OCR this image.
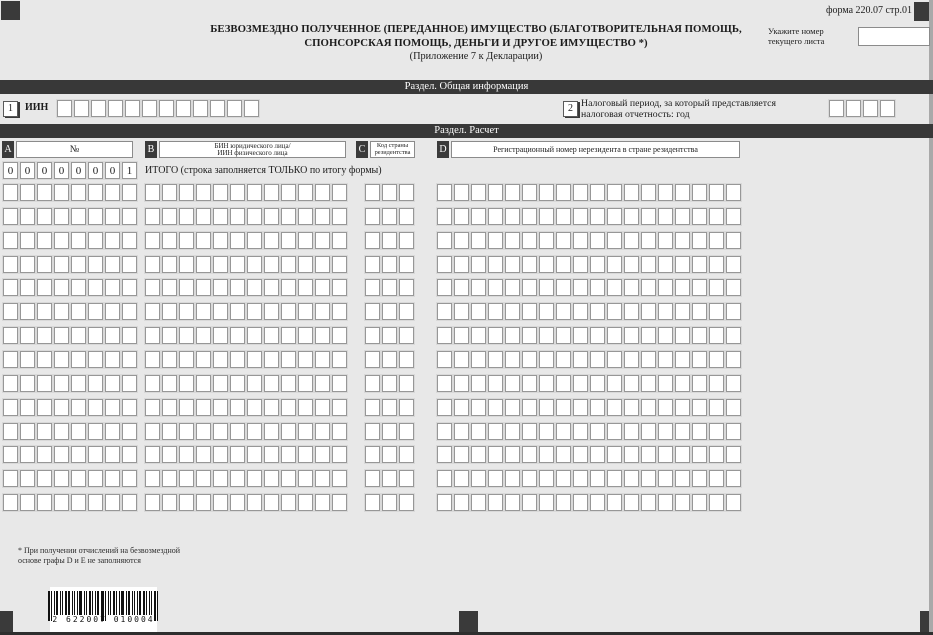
форма 220.07 стр.01
БЕЗВОЗМЕЗДНО ПОЛУЧЕННОЕ (ПЕРЕДАННОЕ) ИМУЩЕСТВО (БЛАГОТВОРИТЕЛЬНАЯ ПОМОЩЬ,
СПОНСОРСКАЯ ПОМОЩЬ, ДЕНЬГИ И ДРУГОЕ ИМУЩЕСТВО *)
(Приложение 7 к Декларации)
Укажите номер
текущего листа
Раздел. Общая информация
1	ИИН	2 Налоговый период, за который представляется
налоговая отчетность: год
Раздел. Расчет
A	№	B	БИН юридического лица/
ИИН физического лица	C	Код страны
резидентства	D	Регистрационный номер нерезидента в стране резидентства
0	0	0	0	0	0	0	1	ИТОГО (строка заполняется ТОЛЬКО по итогу формы)
* При получении отчислений на безвозмездной
основе графы D и E не заполняются
2 622007 010004
